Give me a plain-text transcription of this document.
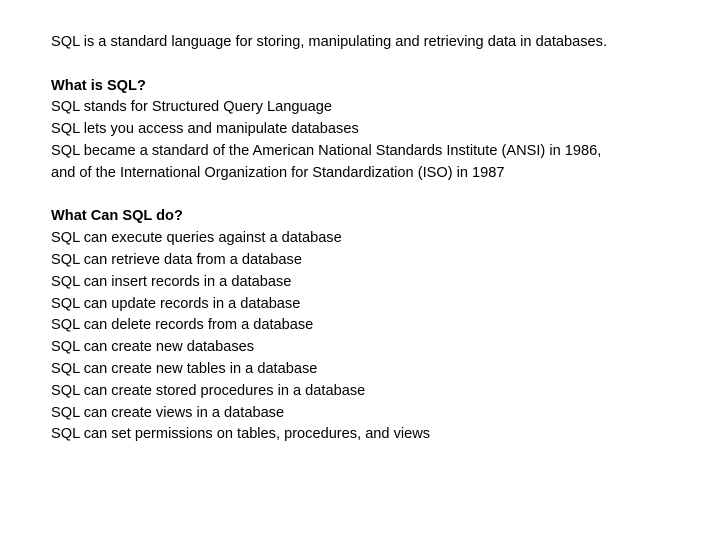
SQL is a standard language for storing, manipulating and retrieving data in databases.
What is SQL?
SQL stands for Structured Query Language
SQL lets you access and manipulate databases
SQL became a standard of the American National Standards Institute (ANSI) in 1986, and of the International Organization for Standardization (ISO) in 1987
What Can SQL do?
SQL can execute queries against a database
SQL can retrieve data from a database
SQL can insert records in a database
SQL can update records in a database
SQL can delete records from a database
SQL can create new databases
SQL can create new tables in a database
SQL can create stored procedures in a database
SQL can create views in a database
SQL can set permissions on tables, procedures, and views
